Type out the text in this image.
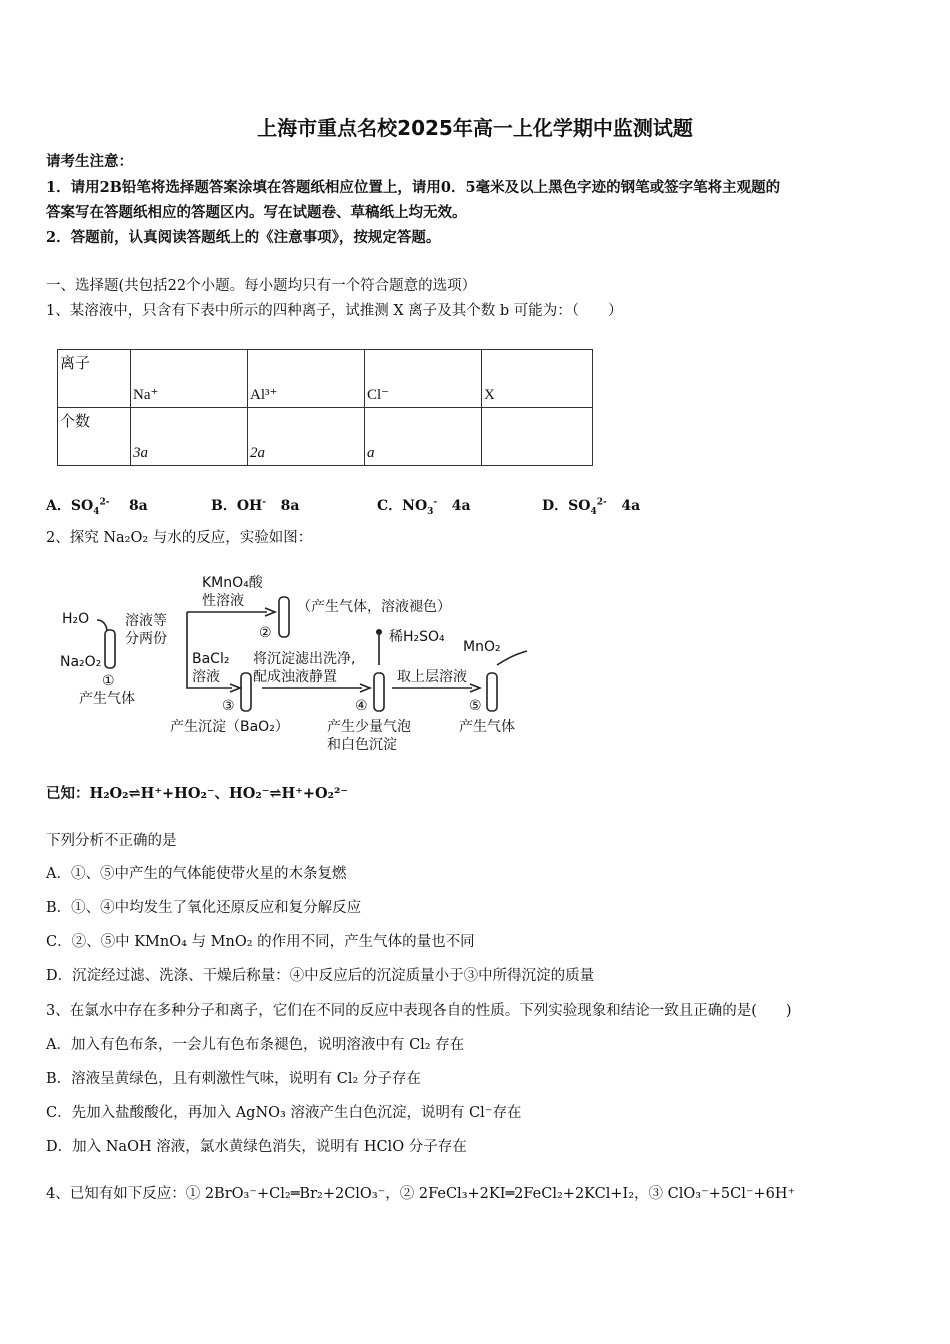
上海市重点名校2025年高一上化学期中监测试题
请考生注意：
1．请用2B铅笔将选择题答案涂填在答题纸相应位置上，请用0．5毫米及以上黑色字迹的钢笔或签字笔将主观题的
答案写在答题纸相应的答题区内。写在试题卷、草稿纸上均无效。
2．答题前，认真阅读答题纸上的《注意事项》，按规定答题。
一、选择题(共包括22个小题。每小题均只有一个符合题意的选项）
1、某溶液中，只含有下表中所示的四种离子，试推测 X 离子及其个数 b 可能为：（　　）
离子	Na⁺	Al³⁺	Cl⁻	X

个数	3a	2a	a	

A．$SO_4^{2-}$ 8a	B．OH- 8a	C．$NO_3^-$ 4a	D．$SO_4^{2-}$ 4a
2、探究 Na₂O₂ 与水的反应，实验如图：
H₂O
Na₂O₂
溶液等
分两份
KMnO₄酸
性溶液	（产生气体，溶液褪色）
②
BaCl₂
溶液
将沉淀滤出洗净,
配成浊液静置
稀H₂SO₄
取上层溶液
MnO₂
①
产生气体	③
产生沉淀（BaO₂）
④
产生少量气泡
和白色沉淀
⑤
产生气体
已知：H₂O₂⇌H⁺+HO₂⁻、HO₂⁻⇌H⁺+O₂²⁻
下列分析不正确的是
A．①、⑤中产生的气体能使带火星的木条复燃
B．①、④中均发生了氧化还原反应和复分解反应
C．②、⑤中 KMnO₄ 与 MnO₂ 的作用不同，产生气体的量也不同
D．沉淀经过滤、洗涤、干燥后称量：④中反应后的沉淀质量小于③中所得沉淀的质量
3、在氯水中存在多种分子和离子，它们在不同的反应中表现各自的性质。下列实验现象和结论一致且正确的是(　　)
A．加入有色布条，一会儿有色布条褪色，说明溶液中有 Cl₂ 存在
B．溶液呈黄绿色，且有刺激性气味，说明有 Cl₂ 分子存在
C．先加入盐酸酸化，再加入 AgNO₃ 溶液产生白色沉淀，说明有 Cl⁻存在
D．加入 NaOH 溶液，氯水黄绿色消失，说明有 HClO 分子存在
4、已知有如下反应：① 2BrO₃⁻+Cl₂═Br₂+2ClO₃⁻，② 2FeCl₃+2KI═2FeCl₂+2KCl+I₂，③ ClO₃⁻+5Cl⁻+6H⁺
